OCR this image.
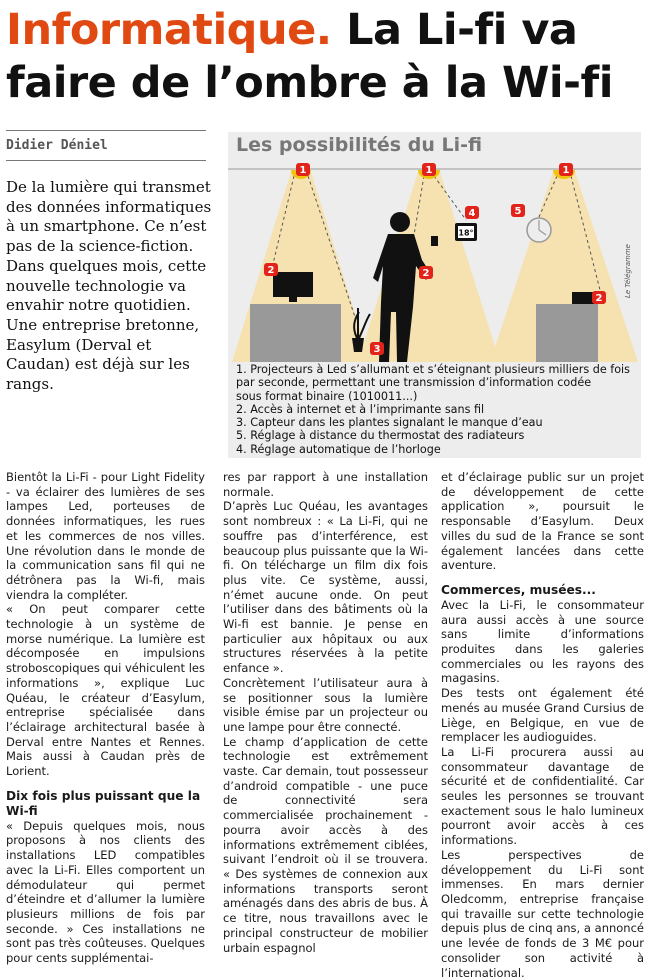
Informatique. La Li-fi va
faire de l’ombre à la Wi-fi
Didier Déniel

De la lumière qui transmet des données informatiques à un smartphone. Ce n’est pas de la science-fiction. Dans quelques mois, cette nouvelle technologie va envahir notre quotidien. Une entreprise bretonne, Easylum (Derval et Caudan) est déjà sur les rangs.

18°
1	1	1
2	2
2
3
4	5
Les possibilités du Li-fi
Le Télégramme
1. Projecteurs à Led s’allumant et s’éteignant plusieurs milliers de fois
par seconde, permettant une transmission d’information codée
sous format binaire (1010011...)
2. Accès à internet et à l’imprimante sans fil
3. Capteur dans les plantes signalant le manque d’eau
5. Réglage à distance du thermostat des radiateurs
4. Réglage automatique de l’horloge

Bientôt la Li-Fi - pour Light Fidelity - va éclairer des lumières de ses lampes Led, porteuses de données informatiques, les rues et les commerces de nos villes. Une révolution dans le monde de la communication sans fil qui ne détrônera pas la Wi-fi, mais viendra la compléter.

« On peut comparer cette technologie à un système de morse numérique. La lumière est décomposée en impulsions stroboscopiques qui véhiculent les informations », explique Luc Quéau, le créateur d’Easylum, entreprise spécialisée dans l’éclairage architectural basée à Derval entre Nantes et Rennes. Mais aussi à Caudan près de Lorient.

Dix fois plus puissant que la Wi-fi

« Depuis quelques mois, nous proposons à nos clients des installations LED compatibles avec la Li-Fi. Elles comportent un démodulateur qui permet d’éteindre et d’allumer la lumière plusieurs millions de fois par seconde. » Ces installations ne sont pas très coûteuses. Quelques pour cents supplémentai-

res par rapport à une installation normale.

D’après Luc Quéau, les avantages sont nombreux : « La Li-Fi, qui ne souffre pas d’interférence, est beaucoup plus puissante que la Wi-fi. On télécharge un film dix fois plus vite. Ce système, aussi, n’émet aucune onde. On peut l’utiliser dans des bâtiments où la Wi-fi est bannie. Je pense en particulier aux hôpitaux ou aux structures réservées à la petite enfance ».

Concrètement l’utilisateur aura à se positionner sous la lumière visible émise par un projecteur ou une lampe pour être connecté.

Le champ d’application de cette technologie est extrêmement vaste. Car demain, tout possesseur d’android compatible - une puce de connectivité sera commercialisée prochainement - pourra avoir accès à des informations extrêmement ciblées, suivant l’endroit où il se trouvera. « Des systèmes de connexion aux informations transports seront aménagés dans des abris de bus. À ce titre, nous travaillons avec le principal constructeur de mobilier urbain espagnol

et d’éclairage public sur un projet de développement de cette application », poursuit le responsable d’Easylum. Deux villes du sud de la France se sont également lancées dans cette aventure.

Commerces, musées...

Avec la Li-Fi, le consommateur aura aussi accès à une source sans limite d’informations produites dans les galeries commerciales ou les rayons des magasins.

Des tests ont également été menés au musée Grand Cursius de Liège, en Belgique, en vue de remplacer les audioguides.

La Li-Fi procurera aussi au consommateur davantage de sécurité et de confidentialité. Car seules les personnes se trouvant exactement sous le halo lumineux pourront avoir accès à ces informations.

Les perspectives de développement du Li-Fi sont immenses. En mars dernier Oledcomm, entreprise française qui travaille sur cette technologie depuis plus de cinq ans, a annoncé une levée de fonds de 3 M€ pour consolider son activité à l’international.
